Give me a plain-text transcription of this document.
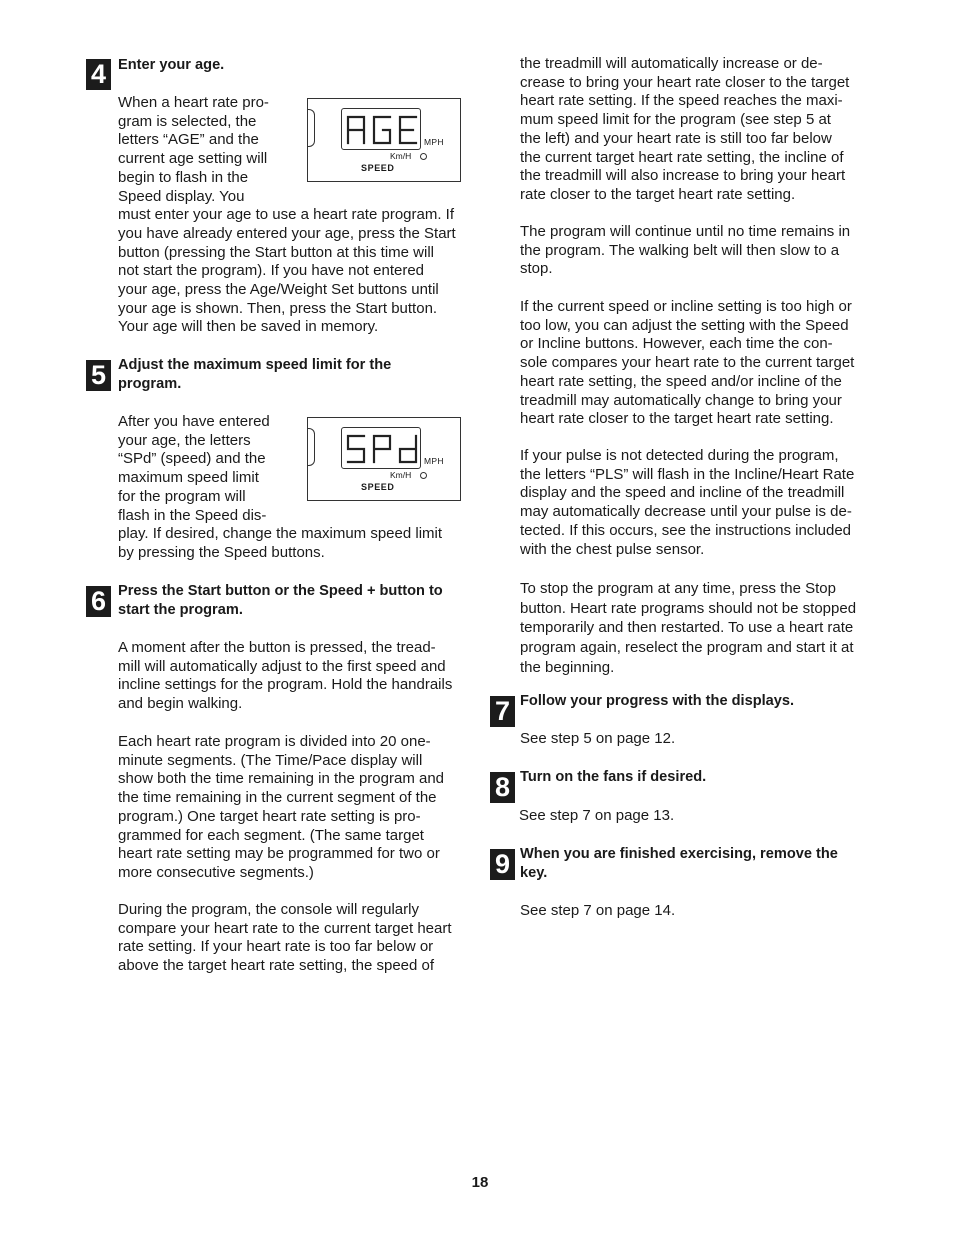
4 Enter your age.

When a heart rate pro-
gram is selected, the
letters “AGE” and the
current age setting will
begin to flash in the
Speed display. You
must enter your age to use a heart rate program. If
you have already entered your age, press the Start
button (pressing the Start button at this time will
not start the program). If you have not entered
your age, press the Age/Weight Set buttons until
your age is shown. Then, press the Start button.
Your age will then be saved in memory.
MPH
Km/H
SPEED
5 Adjust the maximum speed limit for the
program.

After you have entered
your age, the letters
“SPd” (speed) and the
maximum speed limit
for the program will
flash in the Speed dis-
play. If desired, change the maximum speed limit
by pressing the Speed buttons.
MPH
Km/H
SPEED
6 Press the Start button or the Speed + button to
start the program.

A moment after the button is pressed, the tread-
mill will automatically adjust to the first speed and
incline settings for the program. Hold the handrails
and begin walking.
Each heart rate program is divided into 20 one-
minute segments. (The Time/Pace display will
show both the time remaining in the program and
the time remaining in the current segment of the
program.) One target heart rate setting is pro-
grammed for each segment. (The same target
heart rate setting may be programmed for two or
more consecutive segments.)
During the program, the console will regularly
compare your heart rate to the current target heart
rate setting. If your heart rate is too far below or
above the target heart rate setting, the speed of
the treadmill will automatically increase or de-
crease to bring your heart rate closer to the target
heart rate setting. If the speed reaches the maxi-
mum speed limit for the program (see step 5 at
the left) and your heart rate is still too far below
the current target heart rate setting, the incline of
the treadmill will also increase to bring your heart
rate closer to the target heart rate setting.
The program will continue until no time remains in
the program. The walking belt will then slow to a
stop.
If the current speed or incline setting is too high or
too low, you can adjust the setting with the Speed
or Incline buttons. However, each time the con-
sole compares your heart rate to the current target
heart rate setting, the speed and/or incline of the
treadmill may automatically change to bring your
heart rate closer to the target heart rate setting.
If your pulse is not detected during the program,
the letters “PLS” will flash in the Incline/Heart Rate
display and the speed and incline of the treadmill
may automatically decrease until your pulse is de-
tected. If this occurs, see the instructions included
with the chest pulse sensor.
To stop the program at any time, press the Stop
button. Heart rate programs should not be stopped
temporarily and then restarted. To use a heart rate
program again, reselect the program and start it at
the beginning.
7 Follow your progress with the displays.

See step 5 on page 12.

8 Turn on the fans if desired.

See step 7 on page 13.

9 When you are finished exercising, remove the
key.

See step 7 on page 14.

18
